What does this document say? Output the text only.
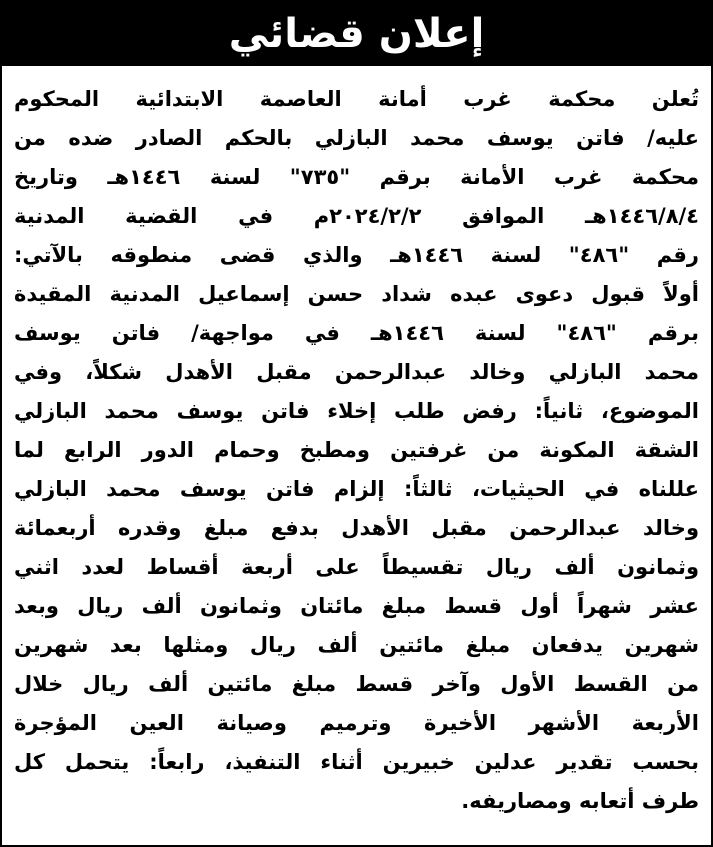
إعلان قضائي
تُعلن محكمة غرب أمانة العاصمة الابتدائية المحكوم
عليه/ فاتن يوسف محمد البازلي بالحكم الصادر ضده من
محكمة غرب الأمانة برقم "٧٣٥" لسنة ١٤٤٦هـ وتاريخ
١٤٤٦/٨/٤هـ الموافق ٢٠٢٤/٢/٢م في القضية المدنية
رقم "٤٨٦" لسنة ١٤٤٦هـ والذي قضى منطوقه بالآتي:
أولاً قبول دعوى عبده شداد حسن إسماعيل المدنية المقيدة
برقم "٤٨٦" لسنة ١٤٤٦هـ في مواجهة/ فاتن يوسف
محمد البازلي وخالد عبدالرحمن مقبل الأهدل شكلاً، وفي
الموضوع، ثانياً: رفض طلب إخلاء فاتن يوسف محمد البازلي
الشقة المكونة من غرفتين ومطبخ وحمام الدور الرابع لما
عللناه في الحيثيات، ثالثاً: إلزام فاتن يوسف محمد البازلي
وخالد عبدالرحمن مقبل الأهدل بدفع مبلغ وقدره أربعمائة
وثمانون ألف ريال تقسيطاً على أربعة أقساط لعدد اثني
عشر شهراً أول قسط مبلغ مائتان وثمانون ألف ريال وبعد
شهرين يدفعان مبلغ مائتين ألف ريال ومثلها بعد شهرين
من القسط الأول وآخر قسط مبلغ مائتين ألف ريال خلال
الأربعة الأشهر الأخيرة وترميم وصيانة العين المؤجرة
بحسب تقدير عدلين خبيرين أثناء التنفيذ، رابعاً: يتحمل كل
طرف أتعابه ومصاريفه.
